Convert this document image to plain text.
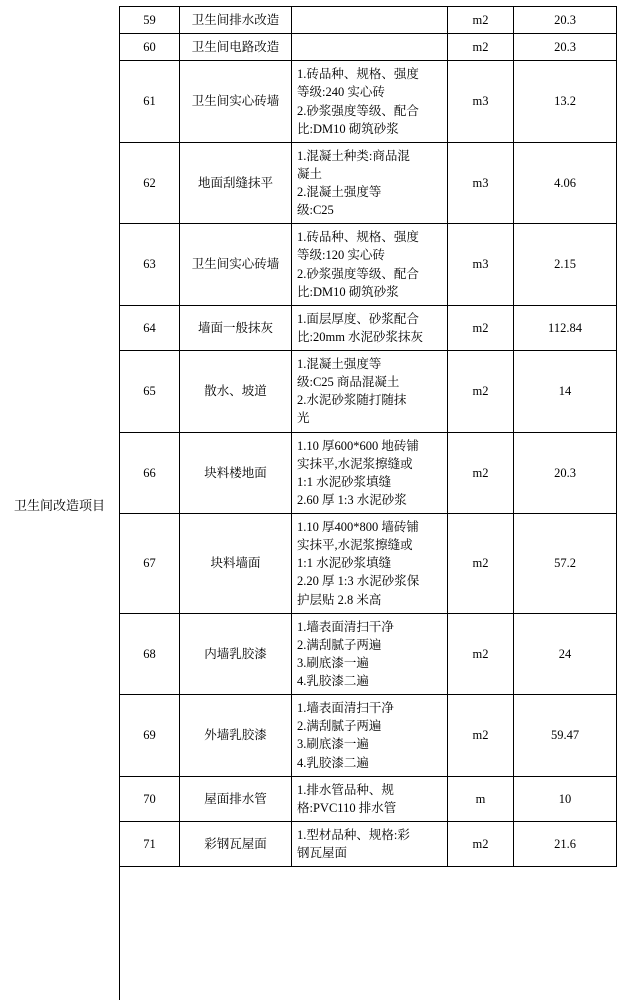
卫生间改造项目
59	卫生间排水改造		m2	20.3
60	卫生间电路改造		m2	20.3
61	卫生间实心砖墙	1.砖品种、规格、强度
等级:240 实心砖
2.砂浆强度等级、配合
比:DM10 砌筑砂浆	m3	13.2
62	地面刮缝抹平	1.混凝土种类:商品混
凝土
2.混凝土强度等
级:C25	m3	4.06
63	卫生间实心砖墙	1.砖品种、规格、强度
等级:120 实心砖
2.砂浆强度等级、配合
比:DM10 砌筑砂浆	m3	2.15
64	墙面一般抹灰	1.面层厚度、砂浆配合
比:20mm 水泥砂浆抹灰	m2	112.84
65	散水、坡道	1.混凝土强度等
级:C25 商品混凝土
2.水泥砂浆随打随抹
光	m2	14
66	块料楼地面	1.10 厚600*600 地砖铺
实抹平,水泥浆擦缝或
1:1 水泥砂浆填缝
2.60 厚 1:3 水泥砂浆	m2	20.3
67	块料墙面	1.10 厚400*800 墙砖铺
实抹平,水泥浆擦缝或
1:1 水泥砂浆填缝
2.20 厚 1:3 水泥砂浆保
护层贴 2.8 米高	m2	57.2
68	内墙乳胶漆	1.墙表面清扫干净
2.满刮腻子两遍
3.刷底漆一遍
4.乳胶漆二遍	m2	24
69	外墙乳胶漆	1.墙表面清扫干净
2.满刮腻子两遍
3.刷底漆一遍
4.乳胶漆二遍	m2	59.47
70	屋面排水管	1.排水管品种、规
格:PVC110 排水管	m	10
71	彩钢瓦屋面	1.型材品种、规格:彩
钢瓦屋面	m2	21.6
